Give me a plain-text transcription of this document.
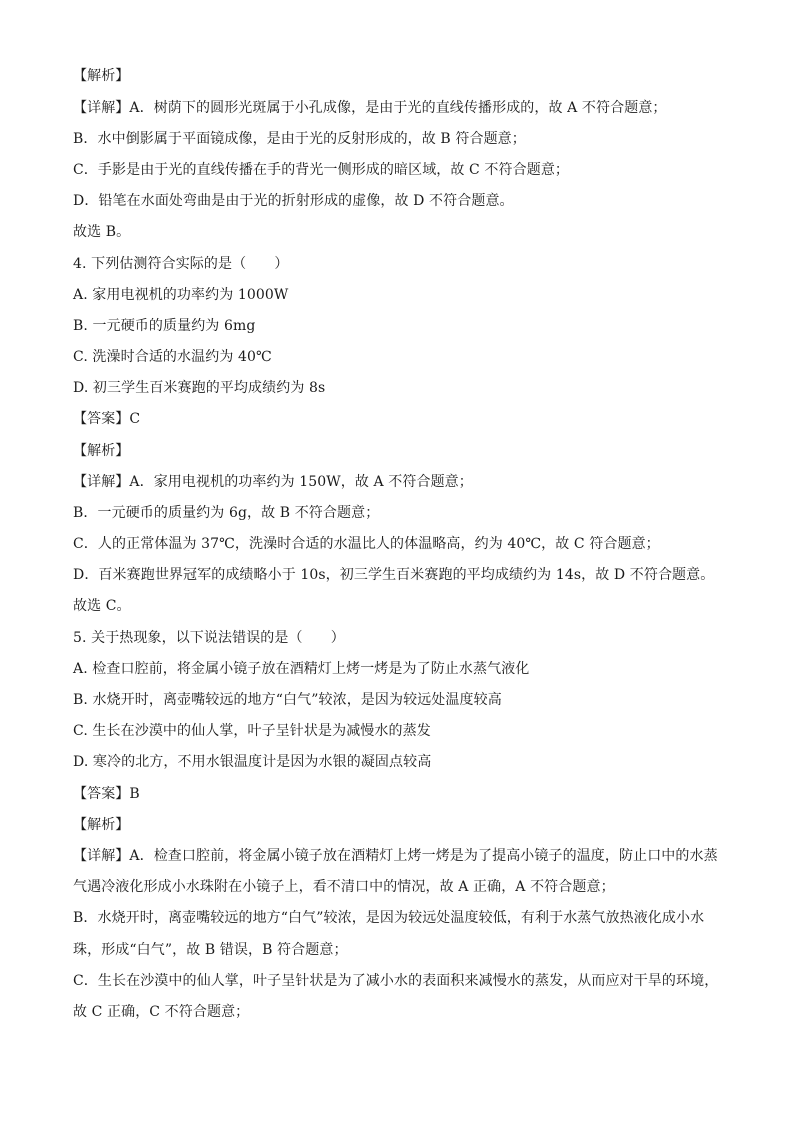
【解析】
【详解】A．树荫下的圆形光斑属于小孔成像，是由于光的直线传播形成的，故 A 不符合题意；
B．水中倒影属于平面镜成像，是由于光的反射形成的，故 B 符合题意；
C．手影是由于光的直线传播在手的背光一侧形成的暗区域，故 C 不符合题意；
D．铅笔在水面处弯曲是由于光的折射形成的虚像，故 D 不符合题意。
故选 B。
4. 下列估测符合实际的是（　　）
A. 家用电视机的功率约为 1000W
B. 一元硬币的质量约为 6mg
C. 洗澡时合适的水温约为 40℃
D. 初三学生百米赛跑的平均成绩约为 8s
【答案】C
【解析】
【详解】A．家用电视机的功率约为 150W，故 A 不符合题意；
B．一元硬币的质量约为 6g，故 B 不符合题意；
C．人的正常体温为 37℃，洗澡时合适的水温比人的体温略高，约为 40℃，故 C 符合题意；
D．百米赛跑世界冠军的成绩略小于 10s，初三学生百米赛跑的平均成绩约为 14s，故 D 不符合题意。
故选 C。
5. 关于热现象，以下说法错误的是（　　）
A. 检查口腔前，将金属小镜子放在酒精灯上烤一烤是为了防止水蒸气液化
B. 水烧开时，离壶嘴较远的地方“白气”较浓，是因为较远处温度较高
C. 生长在沙漠中的仙人掌，叶子呈针状是为减慢水的蒸发
D. 寒冷的北方，不用水银温度计是因为水银的凝固点较高
【答案】B
【解析】
【详解】A．检查口腔前，将金属小镜子放在酒精灯上烤一烤是为了提高小镜子的温度，防止口中的水蒸
气遇冷液化形成小水珠附在小镜子上，看不清口中的情况，故 A 正确，A 不符合题意；
B．水烧开时，离壶嘴较远的地方“白气”较浓，是因为较远处温度较低，有利于水蒸气放热液化成小水
珠，形成“白气”，故 B 错误，B 符合题意；
C．生长在沙漠中的仙人掌，叶子呈针状是为了减小水的表面积来减慢水的蒸发，从而应对干旱的环境，
故 C 正确，C 不符合题意；
